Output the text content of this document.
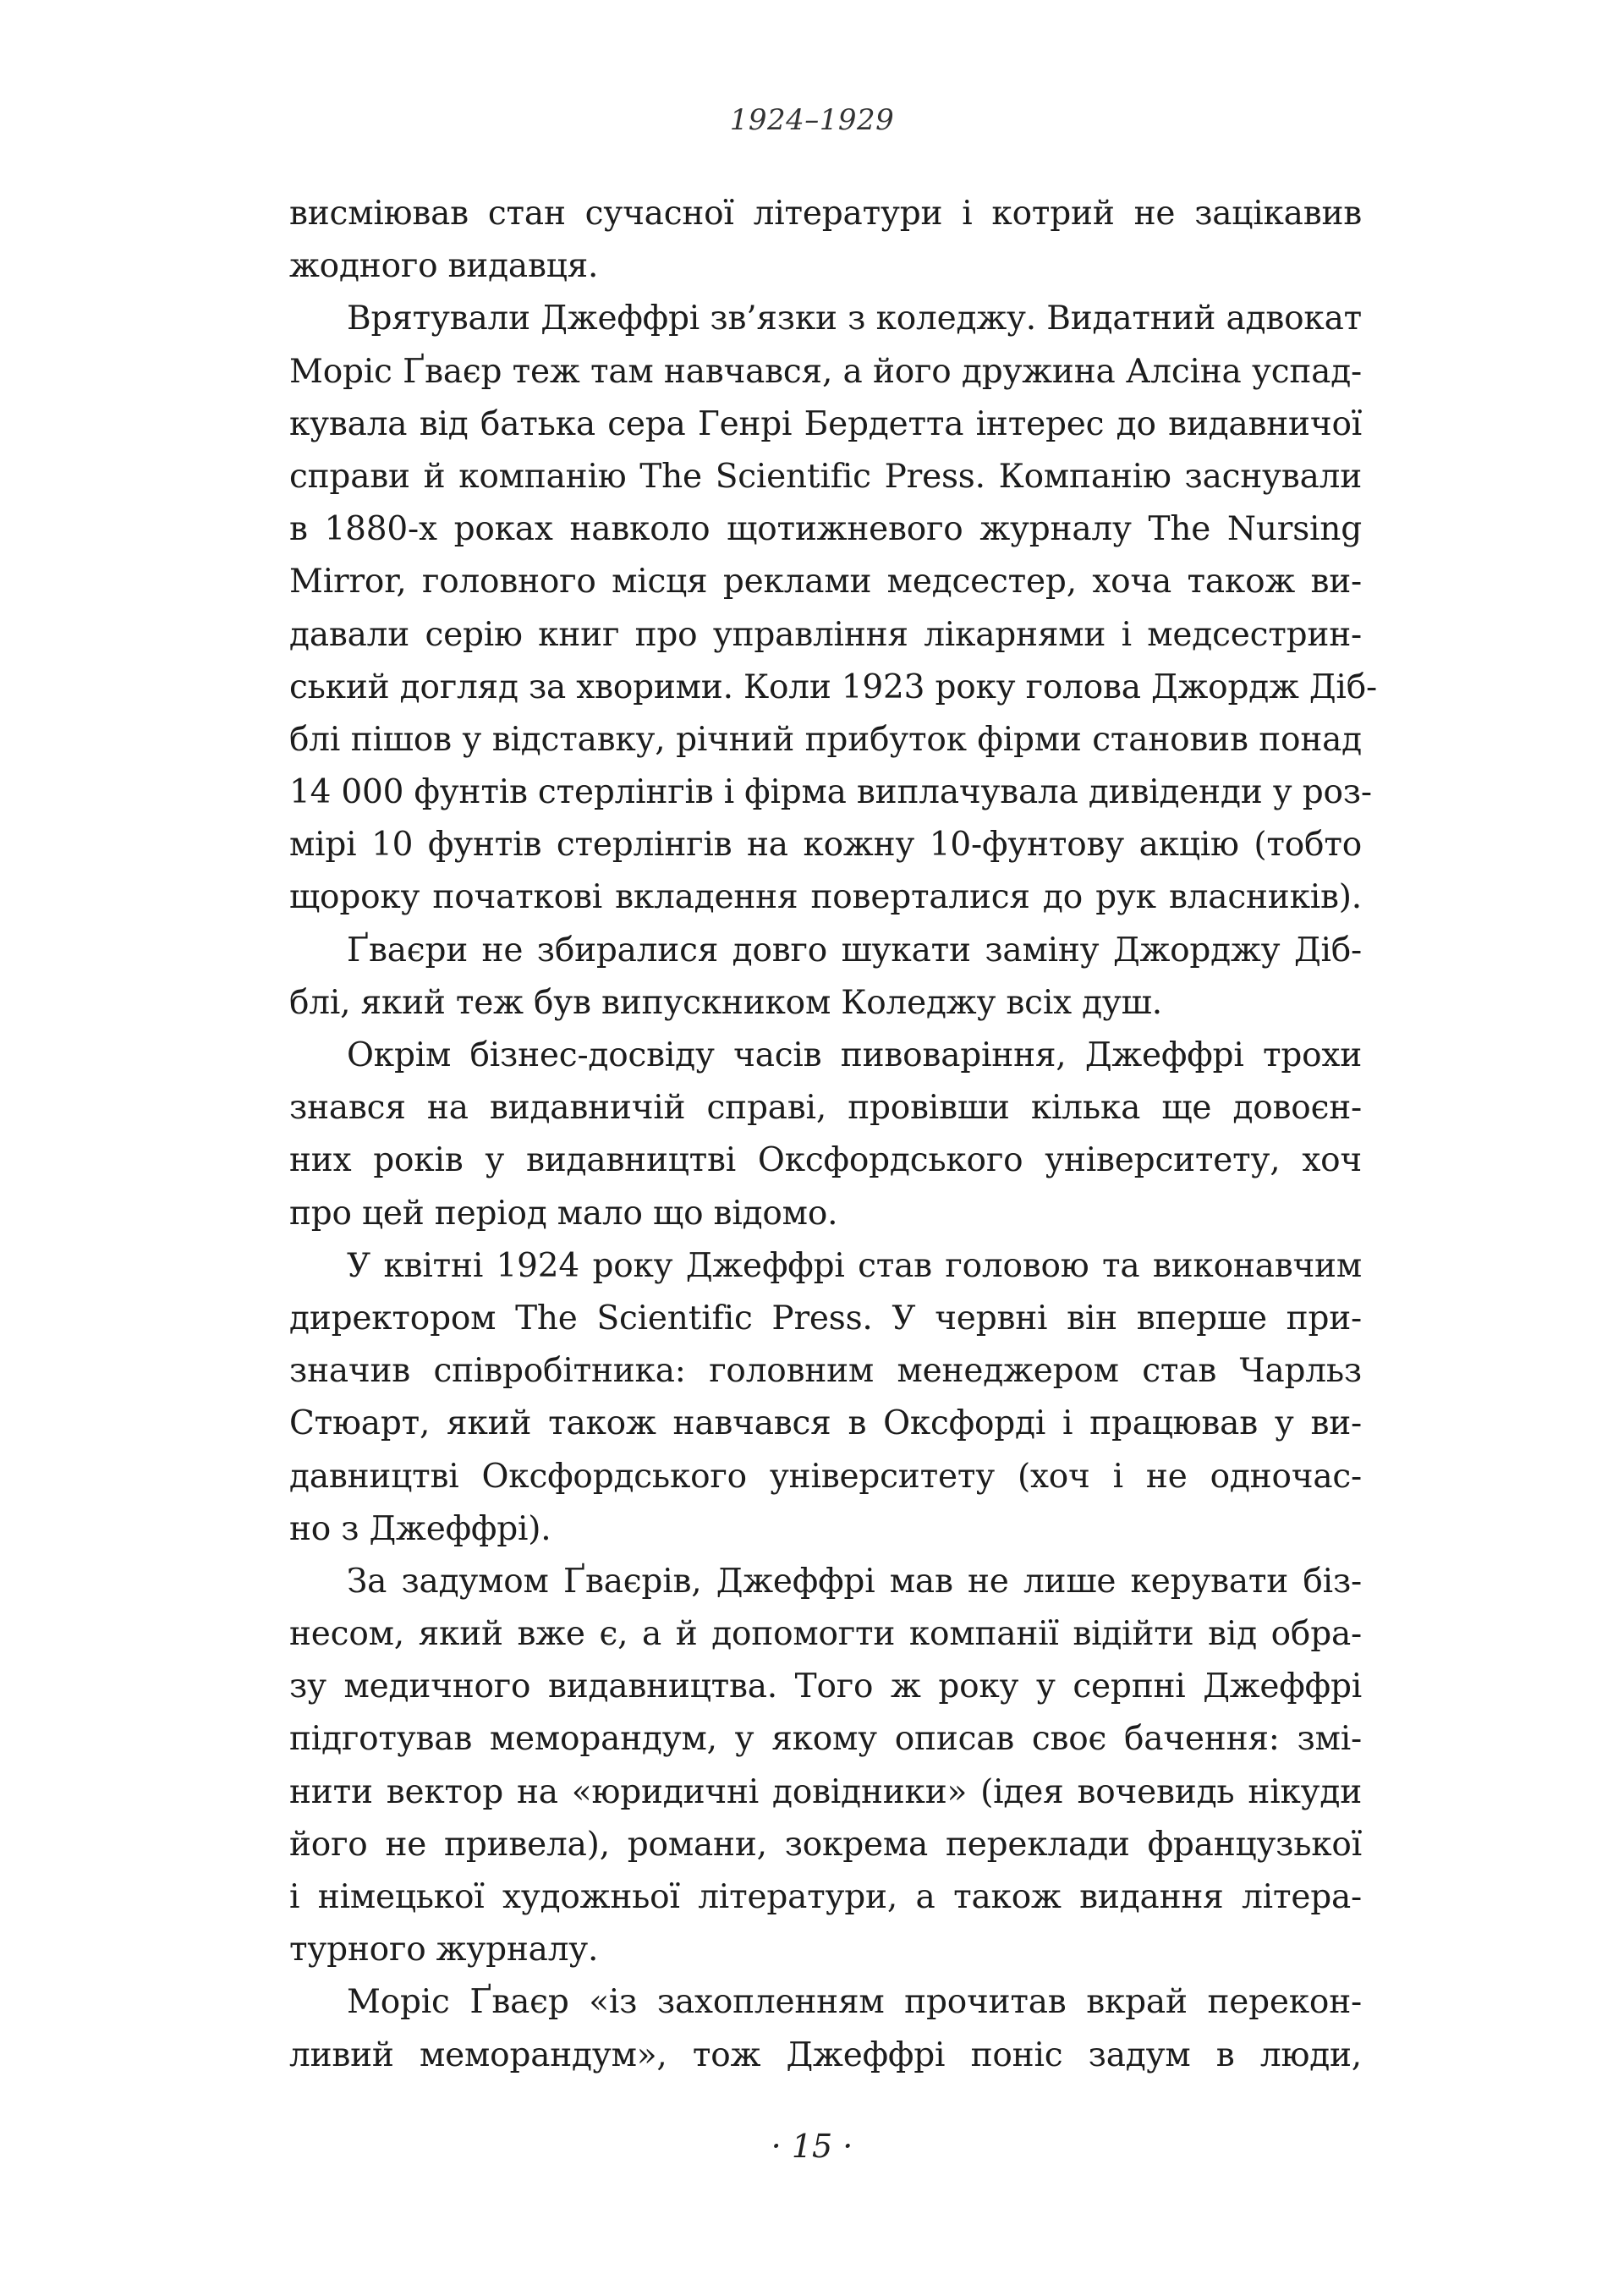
1924–1929
висміював стан сучасної літератури і котрий не зацікавив
жодного видавця.
Врятували Джеффрі зв’язки з коледжу. Видатний адвокат
Моріс Ґваєр теж там навчався, а його дружина Алсіна успад-
кувала від батька сера Генрі Бердетта інтерес до видавничої
справи й компанію The Scientific Press. Компанію заснували
в 1880-х роках навколо щотижневого журналу The Nursing
Mirror, головного місця реклами медсестер, хоча також ви-
давали серію книг про управління лікарнями і медсестрин-
ський догляд за хворими. Коли 1923 року голова Джордж Діб-
блі пішов у відставку, річний прибуток фірми становив понад
14 000 фунтів стерлінгів і фірма виплачувала дивіденди у роз-
мірі 10 фунтів стерлінгів на кожну 10-фунтову акцію (тобто
щороку початкові вкладення поверталися до рук власників).
Ґваєри не збиралися довго шукати заміну Джорджу Діб-
блі, який теж був випускником Коледжу всіх душ.
Окрім бізнес-досвіду часів пивоваріння, Джеффрі трохи
знався на видавничій справі, провівши кілька ще довоєн-
них років у видавництві Оксфордського університету, хоч
про цей період мало що відомо.
У квітні 1924 року Джеффрі став головою та виконавчим
директором The Scientific Press. У червні він вперше при-
значив співробітника: головним менеджером став Чарльз
Стюарт, який також навчався в Оксфорді і працював у ви-
давництві Оксфордського університету (хоч і не одночас-
но з Джеффрі).
За задумом Ґваєрів, Джеффрі мав не лише керувати біз-
несом, який вже є, а й допомогти компанії відійти від обра-
зу медичного видавництва. Того ж року у серпні Джеффрі
підготував меморандум, у якому описав своє бачення: змі-
нити вектор на «юридичні довідники» (ідея вочевидь нікуди
його не привела), романи, зокрема переклади французької
і німецької художньої літератури, а також видання літера-
турного журналу.
Моріс Ґваєр «із захопленням прочитав вкрай перекон-
ливий меморандум», тож Джеффрі поніс задум в люди,
· 15 ·
